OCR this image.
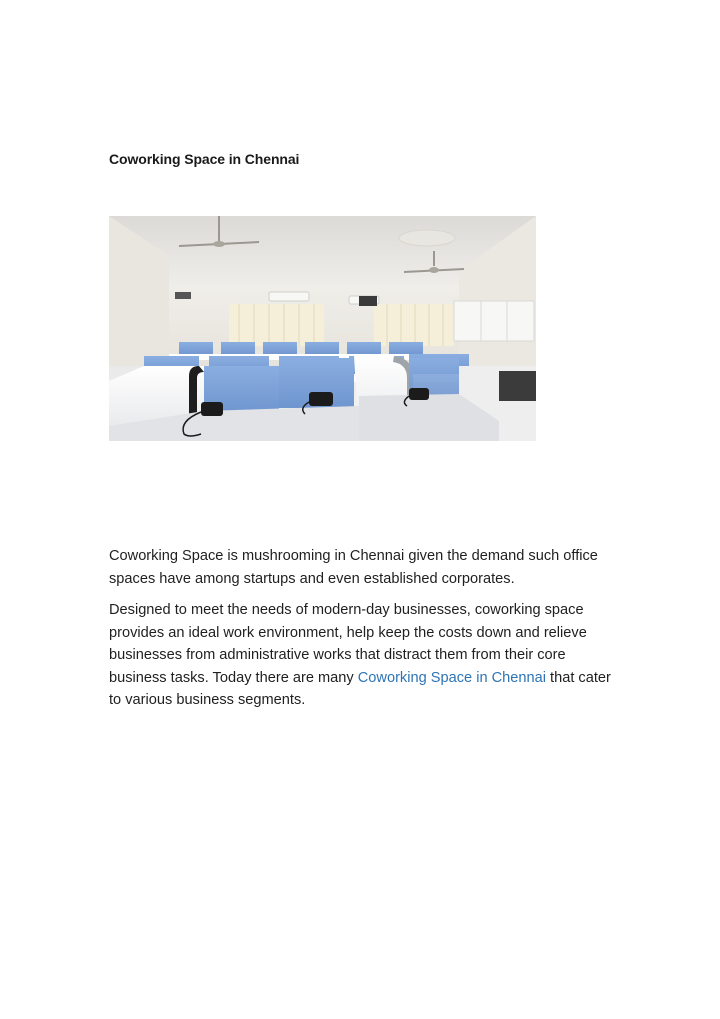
Coworking Space in Chennai

Coworking Space is mushrooming in Chennai given the demand such office spaces have among startups and even established corporates.

Designed to meet the needs of modern-day businesses, coworking space provides an ideal work environment, help keep the costs down and relieve businesses from administrative works that distract them from their core business tasks. Today there are many Coworking Space in Chennai that cater to various business segments.
